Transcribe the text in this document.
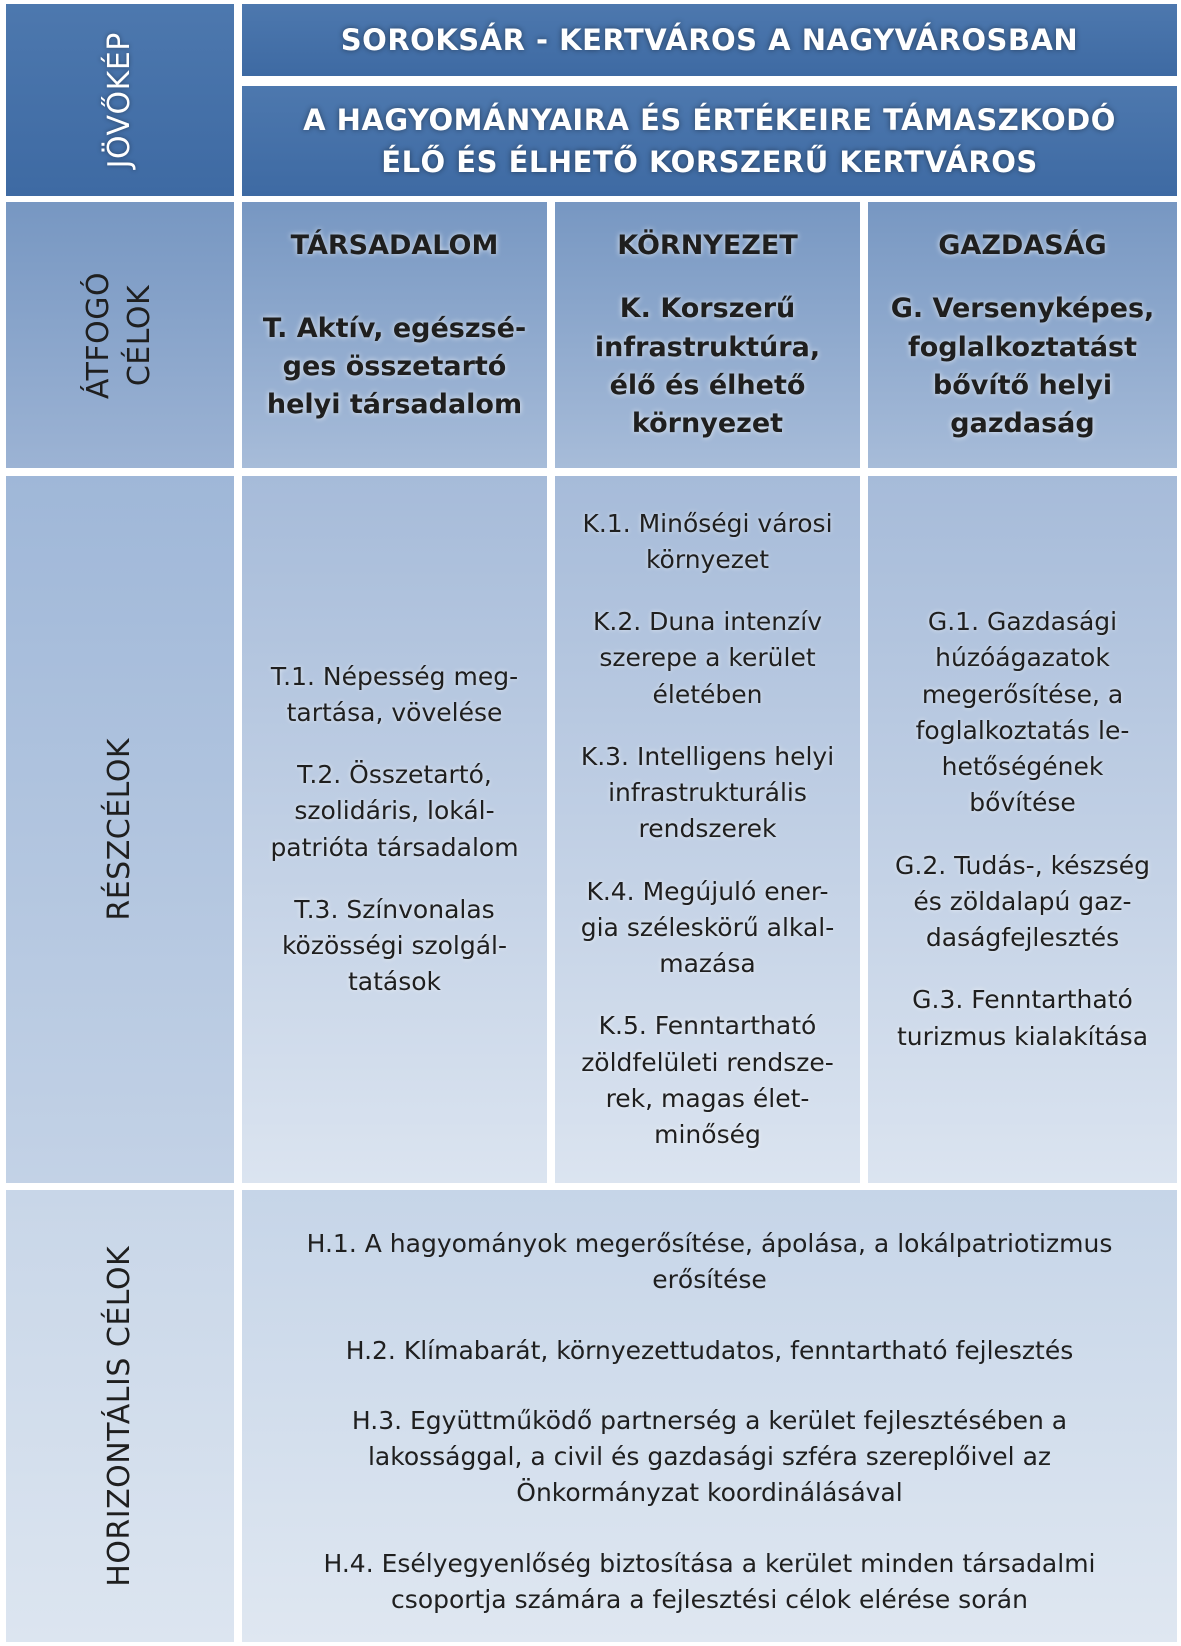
JÖVŐKÉP
ÁTFOGÓ CÉLOK
RÉSZCÉLOK
HORIZONTÁLIS CÉLOK
SOROKSÁR - KERTVÁROS A NAGYVÁROSBAN
A HAGYOMÁNYAIRA ÉS ÉRTÉKEIRE TÁMASZKODÓ
ÉLŐ ÉS ÉLHETŐ KORSZERŰ KERTVÁROS
TÁRSADALOM
T. Aktív, egészsé-
ges összetartó
helyi társadalom
KÖRNYEZET
K. Korszerű
infrastruktúra,
élő és élhető
környezet
GAZDASÁG
G. Versenyképes,
foglalkoztatást
bővítő helyi
gazdaság
T.1. Népesség meg-
tartása, vövelése
T.2. Összetartó,
szolidáris, lokál-
patrióta társadalom
T.3. Színvonalas
közösségi szolgál-
tatások
K.1. Minőségi városi
környezet
K.2. Duna intenzív
szerepe a kerület
életében
K.3. Intelligens helyi
infrastrukturális
rendszerek
K.4. Megújuló ener-
gia széleskörű alkal-
mazása
K.5. Fenntartható
zöldfelületi rendsze-
rek, magas élet-
minőség
G.1. Gazdasági
húzóágazatok
megerősítése, a
foglalkoztatás le-
hetőségének
bővítése
G.2. Tudás-, készség
és zöldalapú gaz-
daságfejlesztés
G.3. Fenntartható
turizmus kialakítása
H.1. A hagyományok megerősítése, ápolása, a lokálpatriotizmus
erősítése
H.2. Klímabarát, környezettudatos, fenntartható fejlesztés
H.3. Együttműködő partnerség a kerület fejlesztésében a
lakossággal, a civil és gazdasági szféra szereplőivel az
Önkormányzat koordinálásával
H.4. Esélyegyenlőség biztosítása a kerület minden társadalmi
csoportja számára a fejlesztési célok elérése során
